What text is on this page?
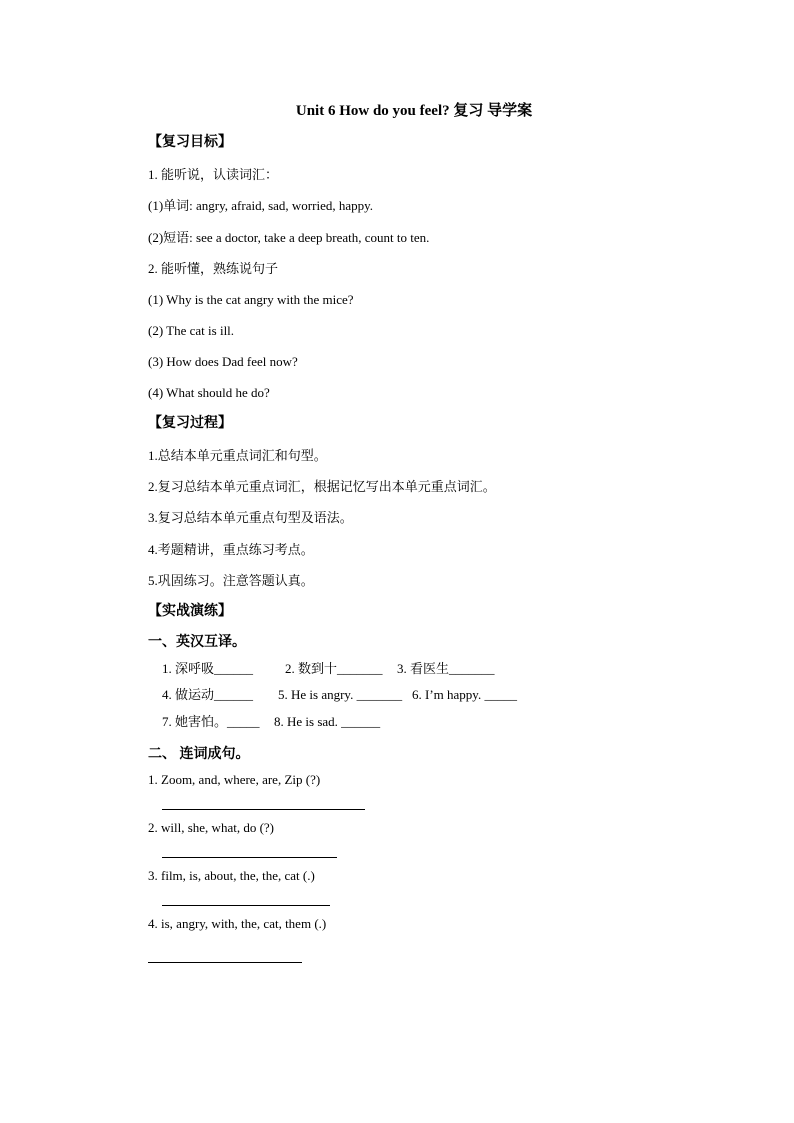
Unit 6 How do you feel? 复习 导学案
【复习目标】
1. 能听说，认读词汇：
(1)单词: angry, afraid, sad, worried, happy.
(2)短语: see a doctor, take a deep breath, count to ten.
2. 能听懂，熟练说句子
(1) Why is the cat angry with the mice?
(2) The cat is ill.
(3) How does Dad feel now?
(4) What should he do?
【复习过程】
1.总结本单元重点词汇和句型。
2.复习总结本单元重点词汇，根据记忆写出本单元重点词汇。
3.复习总结本单元重点句型及语法。
4.考题精讲，重点练习考点。
5.巩固练习。注意答题认真。
【实战演练】
一、英汉互译。
1. 深呼吸______ 2. 数到十_______ 3. 看医生_______
4. 做运动______ 5. He is angry. _______ 6. I’m happy. _____
7. 她害怕。_____ 8. He is sad. ______
二、 连词成句。
1. Zoom, and, where, are, Zip (?)
2. will, she, what, do (?)
3. film, is, about, the, the, cat (.)
4. is, angry, with, the, cat, them (.)
